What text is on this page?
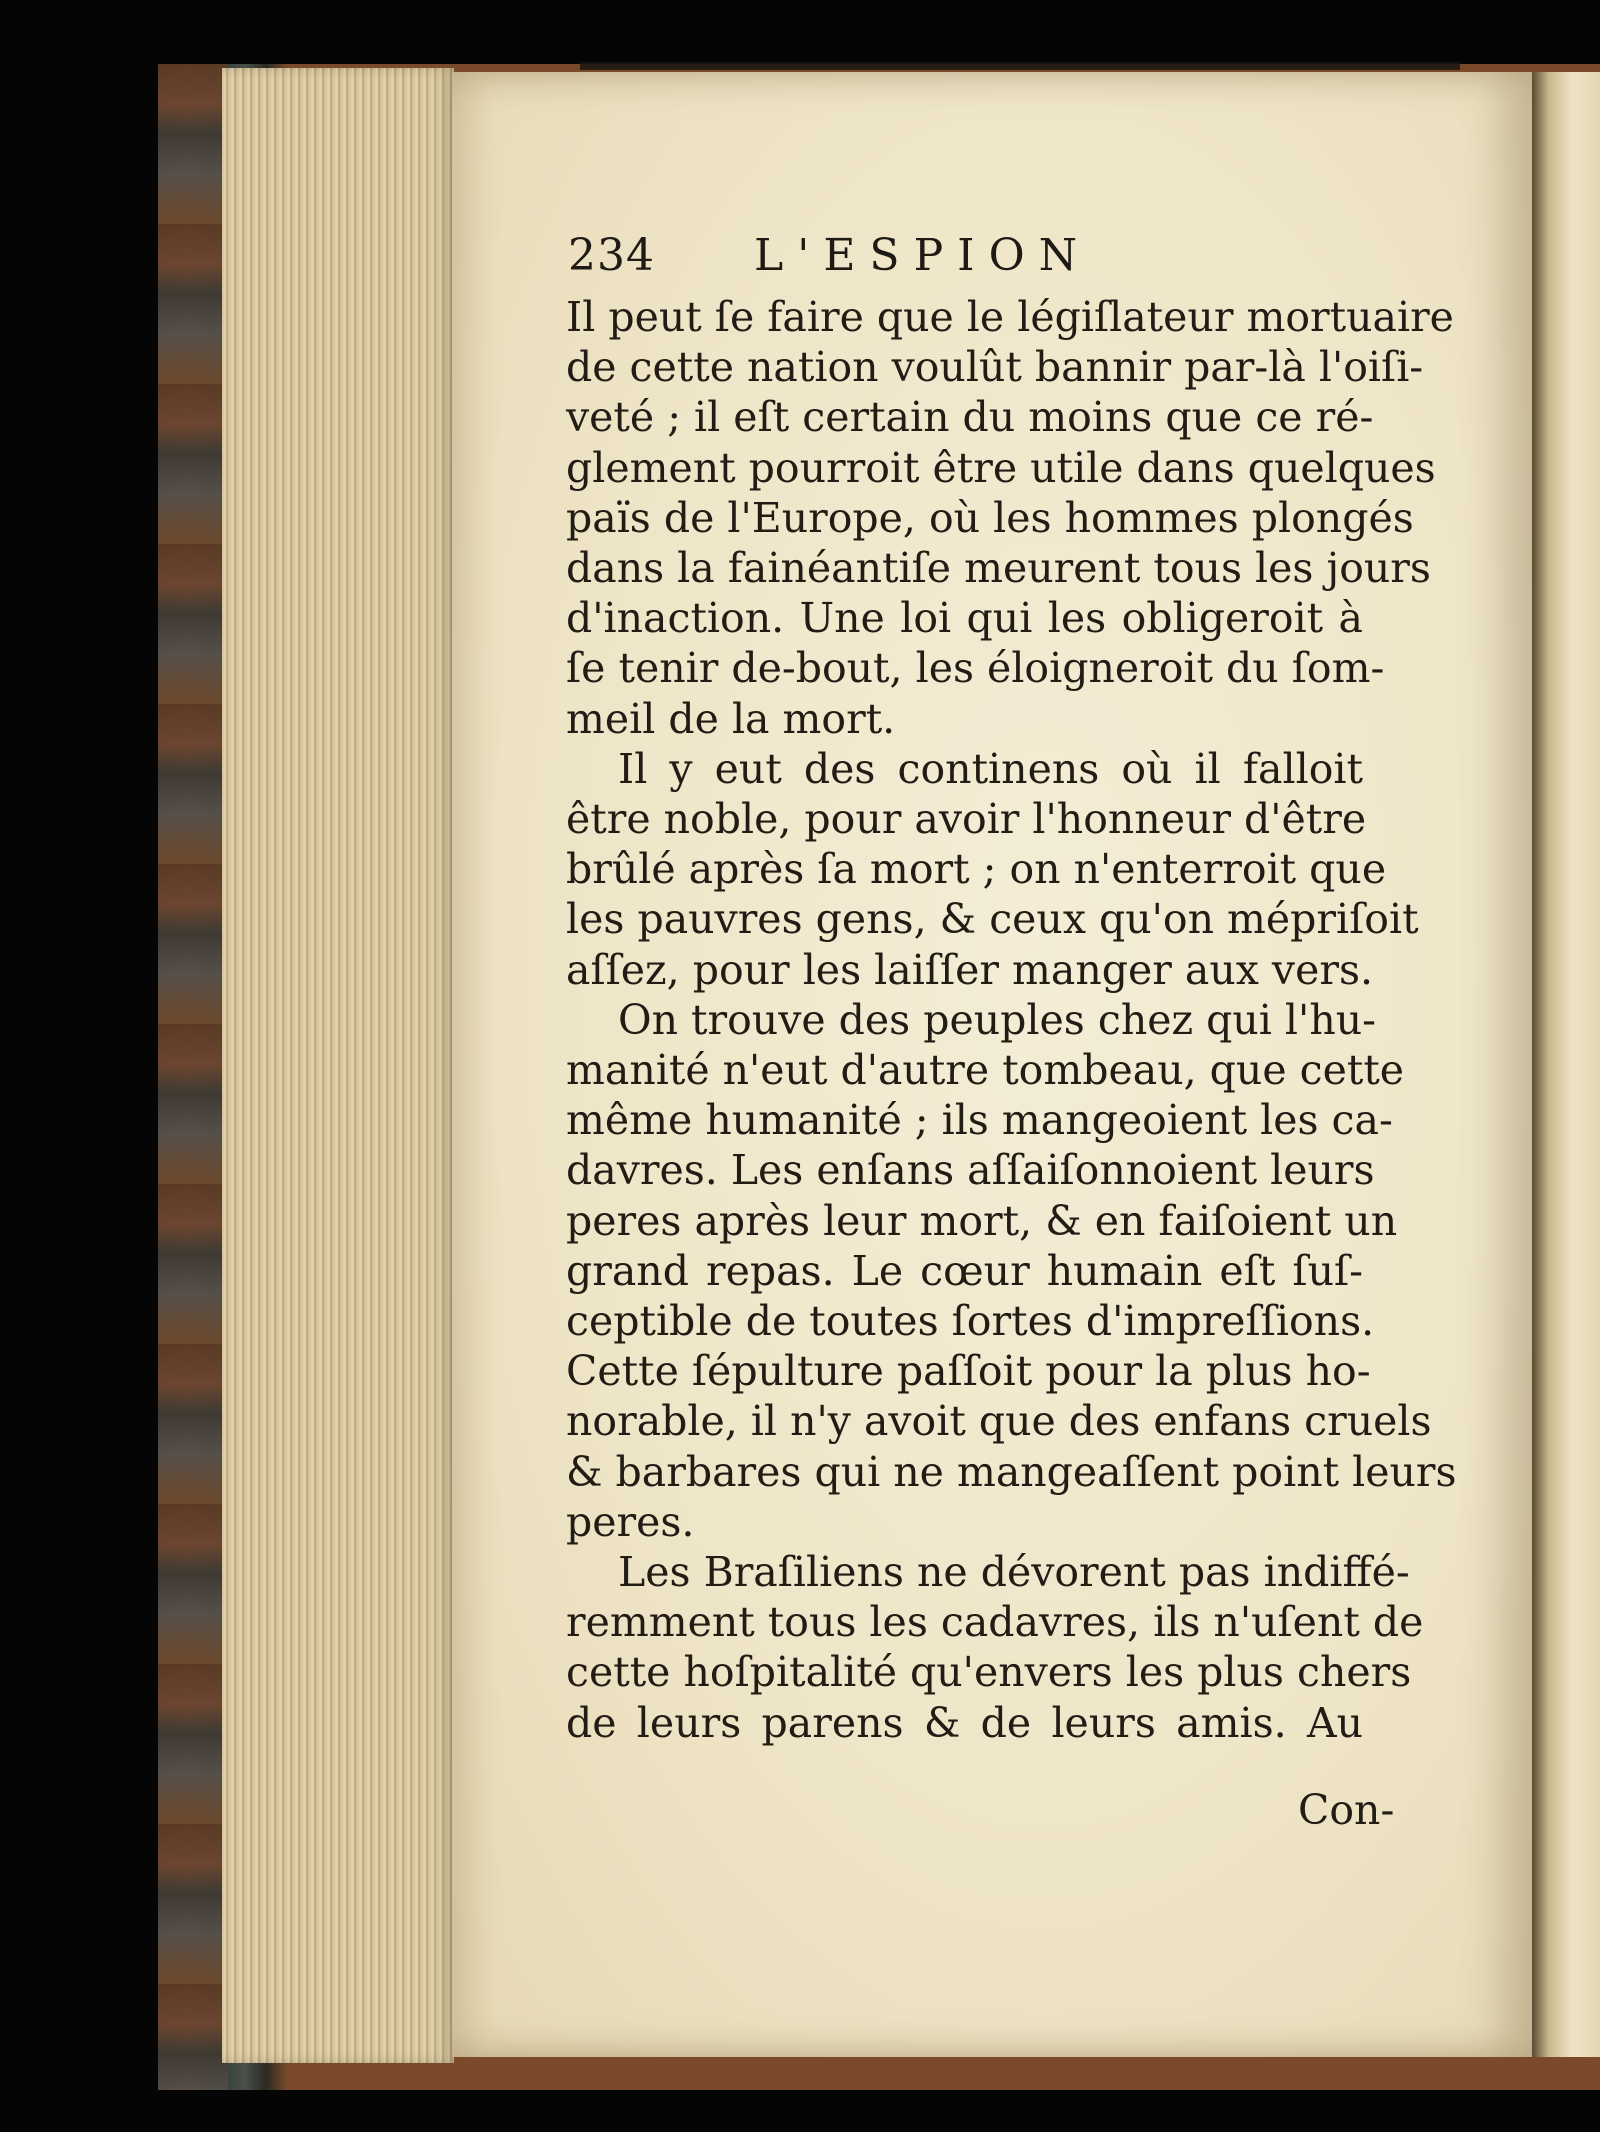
234 L'ESPION
Il peut ſe faire que le légiſlateur mortuaire
de cette nation voulût bannir par-là l'oiſi-
veté ; il eſt certain du moins que ce ré-
glement pourroit être utile dans quelques
païs de l'Europe, où les hommes plongés
dans la fainéantiſe meurent tous les jours
d'inaction. Une loi qui les obligeroit à
ſe tenir de-bout, les éloigneroit du ſom-
meil de la mort.
Il y eut des continens où il falloit
être noble, pour avoir l'honneur d'être
brûlé après ſa mort ; on n'enterroit que
les pauvres gens, & ceux qu'on mépriſoit
aſſez, pour les laiſſer manger aux vers.
On trouve des peuples chez qui l'hu-
manité n'eut d'autre tombeau, que cette
même humanité ; ils mangeoient les ca-
davres. Les enſans aſſaiſonnoient leurs
peres après leur mort, & en faiſoient un
grand repas. Le cœur humain eſt ſuſ-
ceptible de toutes ſortes d'impreſſions.
Cette ſépulture paſſoit pour la plus ho-
norable, il n'y avoit que des enfans cruels
& barbares qui ne mangeaſſent point leurs
peres.
Les Braſiliens ne dévorent pas indiffé-
remment tous les cadavres, ils n'uſent de
cette hoſpitalité qu'envers les plus chers
de leurs parens & de leurs amis. Au
Con-
